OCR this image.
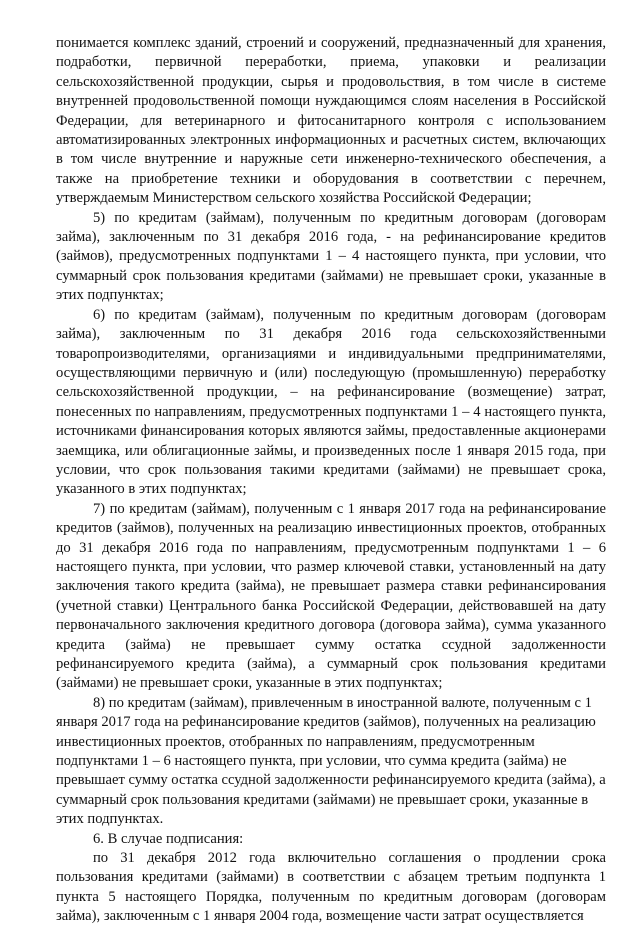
понимается комплекс зданий, строений и сооружений, предназначенный для хранения, подработки, первичной переработки, приема, упаковки и реализации сельскохозяйственной продукции, сырья и продовольствия, в том числе в системе внутренней продовольственной помощи нуждающимся слоям населения в Российской Федерации, для ветеринарного и фитосанитарного контроля с использованием автоматизированных электронных информационных и расчетных систем, включающих в том числе внутренние и наружные сети инженерно-технического обеспечения, а также на приобретение техники и оборудования в соответствии с перечнем, утверждаемым Министерством сельского хозяйства Российской Федерации;

5) по кредитам (займам), полученным по кредитным договорам (договорам займа), заключенным по 31 декабря 2016 года, - на рефинансирование кредитов (займов), предусмотренных подпунктами 1 – 4 настоящего пункта, при условии, что суммарный срок пользования кредитами (займами) не превышает сроки, указанные в этих подпунктах;

6) по кредитам (займам), полученным по кредитным договорам (договорам займа), заключенным по 31 декабря 2016 года сельскохозяйственными товаропроизводителями, организациями и индивидуальными предпринимателями, осуществляющими первичную и (или) последующую (промышленную) переработку сельскохозяйственной продукции, – на рефинансирование (возмещение) затрат, понесенных по направлениям, предусмотренных подпунктами 1 – 4 настоящего пункта, источниками финансирования которых являются займы, предоставленные акционерами заемщика, или облигационные займы, и произведенных после 1 января 2015 года, при условии, что срок пользования такими кредитами (займами) не превышает срока, указанного в этих подпунктах;

7) по кредитам (займам), полученным с 1 января 2017 года на рефинансирование кредитов (займов), полученных на реализацию инвестиционных проектов, отобранных до 31 декабря 2016 года по направлениям, предусмотренным подпунктами 1 – 6 настоящего пункта, при условии, что размер ключевой ставки, установленный на дату заключения такого кредита (займа), не превышает размера ставки рефинансирования (учетной ставки) Центрального банка Российской Федерации, действовавшей на дату первоначального заключения кредитного договора (договора займа), сумма указанного кредита (займа) не превышает сумму остатка ссудной задолженности рефинансируемого кредита (займа), а суммарный срок пользования кредитами (займами) не превышает сроки, указанные в этих подпунктах;

8) по кредитам (займам), привлеченным в иностранной валюте, полученным с 1 января 2017 года на рефинансирование кредитов (займов), полученных на реализацию инвестиционных проектов, отобранных по направлениям, предусмотренным подпунктами 1 – 6 настоящего пункта, при условии, что сумма кредита (займа) не превышает сумму остатка ссудной задолженности рефинансируемого кредита (займа), а суммарный срок пользования кредитами (займами) не превышает сроки, указанные в этих подпунктах.

6. В случае подписания:

по 31 декабря 2012 года включительно соглашения о продлении срока пользования кредитами (займами) в соответствии с абзацем третьим подпункта 1 пункта 5 настоящего Порядка, полученным по кредитным договорам (договорам займа), заключенным с 1 января 2004 года, возмещение части затрат осуществляется
